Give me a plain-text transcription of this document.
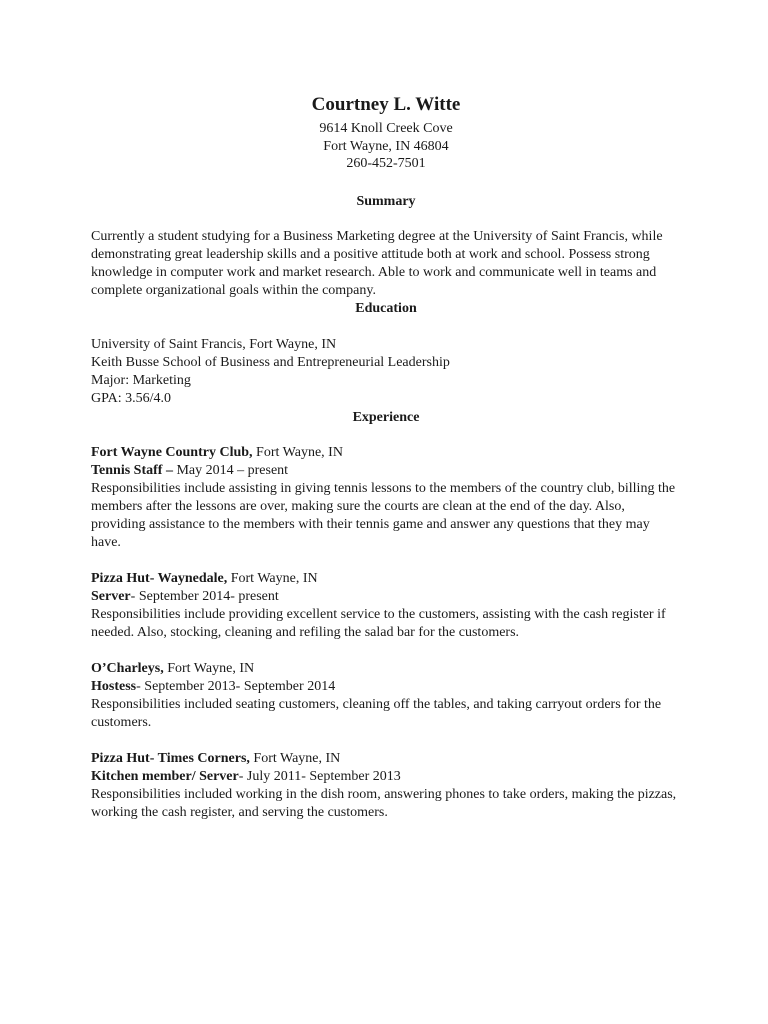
Courtney L. Witte
9614 Knoll Creek Cove
Fort Wayne, IN 46804
260-452-7501
Summary
Currently a student studying for a Business Marketing degree at the University of Saint Francis, while demonstrating great leadership skills and a positive attitude both at work and school. Possess strong knowledge in computer work and market research. Able to work and communicate well in teams and complete organizational goals within the company.
Education
University of Saint Francis, Fort Wayne, IN
Keith Busse School of Business and Entrepreneurial Leadership
Major: Marketing
GPA: 3.56/4.0
Experience
Fort Wayne Country Club, Fort Wayne, IN
Tennis Staff – May 2014 – present
Responsibilities include assisting in giving tennis lessons to the members of the country club, billing the members after the lessons are over, making sure the courts are clean at the end of the day. Also, providing assistance to the members with their tennis game and answer any questions that they may have.
Pizza Hut- Waynedale, Fort Wayne, IN
Server- September 2014- present
Responsibilities include providing excellent service to the customers, assisting with the cash register if needed. Also, stocking, cleaning and refiling the salad bar for the customers.
O’Charleys, Fort Wayne, IN
Hostess- September 2013- September 2014
Responsibilities included seating customers, cleaning off the tables, and taking carryout orders for the customers.
Pizza Hut- Times Corners, Fort Wayne, IN
Kitchen member/ Server- July 2011- September 2013
Responsibilities included working in the dish room, answering phones to take orders, making the pizzas, working the cash register, and serving the customers.
